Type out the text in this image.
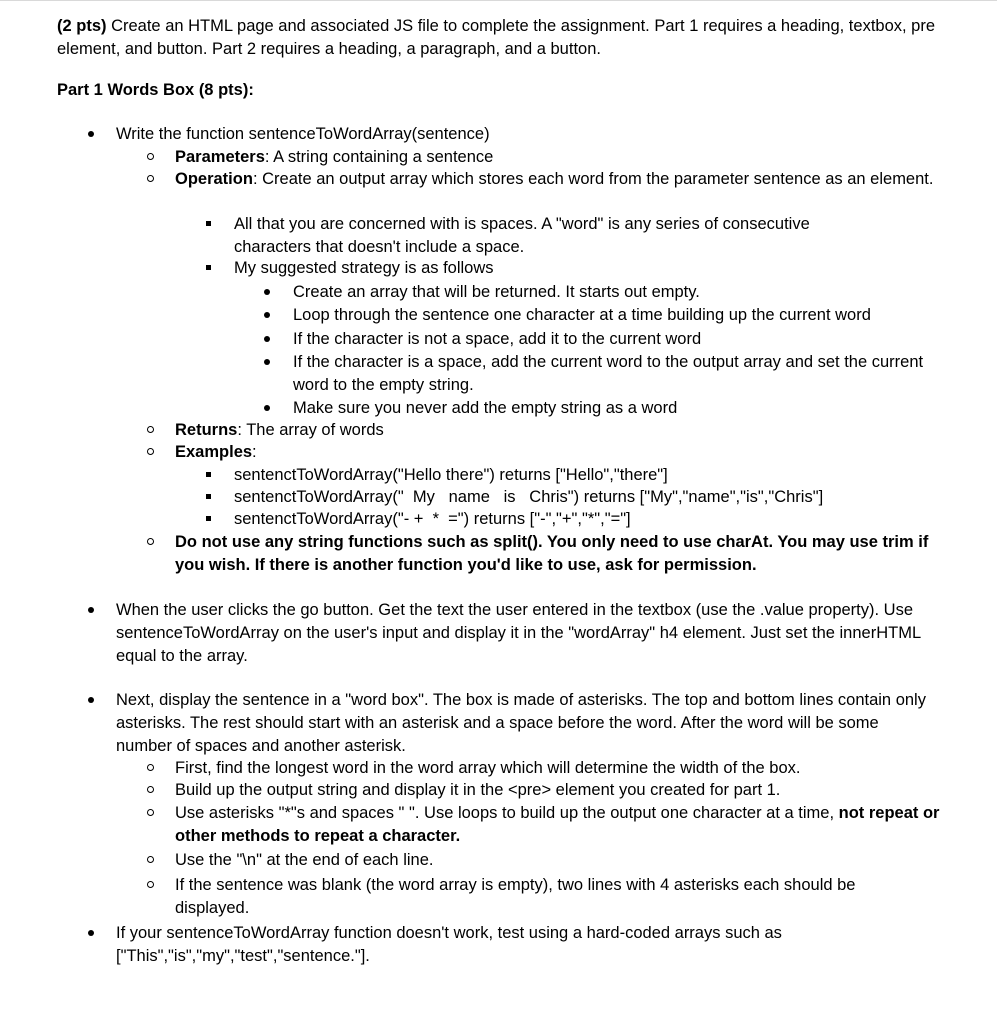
(2 pts) Create an HTML page and associated JS file to complete the assignment. Part 1 requires a heading, textbox, pre element, and button. Part 2 requires a heading, a paragraph, and a button.
Part 1 Words Box (8 pts):
Write the function sentenceToWordArray(sentence)
Parameters: A string containing a sentence
Operation: Create an output array which stores each word from the parameter sentence as an element.
All that you are concerned with is spaces. A "word" is any series of consecutive characters that doesn't include a space.
My suggested strategy is as follows
Create an array that will be returned. It starts out empty.
Loop through the sentence one character at a time building up the current word
If the character is not a space, add it to the current word
If the character is a space, add the current word to the output array and set the current word to the empty string.
Make sure you never add the empty string as a word
Returns: The array of words
Examples:
sentenctToWordArray("Hello there") returns ["Hello","there"]
sentenctToWordArray("  My   name   is   Chris") returns ["My","name","is","Chris"]
sentenctToWordArray("- +  *  =") returns ["-","+","*","="]
Do not use any string functions such as split(). You only need to use charAt. You may use trim if you wish. If there is another function you'd like to use, ask for permission.
When the user clicks the go button. Get the text the user entered in the textbox (use the .value property). Use sentenceToWordArray on the user's input and display it in the "wordArray" h4 element. Just set the innerHTML equal to the array.
Next, display the sentence in a "word box". The box is made of asterisks. The top and bottom lines contain only asterisks. The rest should start with an asterisk and a space before the word. After the word will be some number of spaces and another asterisk.
First, find the longest word in the word array which will determine the width of the box.
Build up the output string and display it in the <pre> element you created for part 1.
Use asterisks "*"s and spaces " ". Use loops to build up the output one character at a time, not repeat or other methods to repeat a character.
Use the "\n" at the end of each line.
If the sentence was blank (the word array is empty), two lines with 4 asterisks each should be displayed.
If your sentenceToWordArray function doesn't work, test using a hard-coded arrays such as ["This","is","my","test","sentence."].
